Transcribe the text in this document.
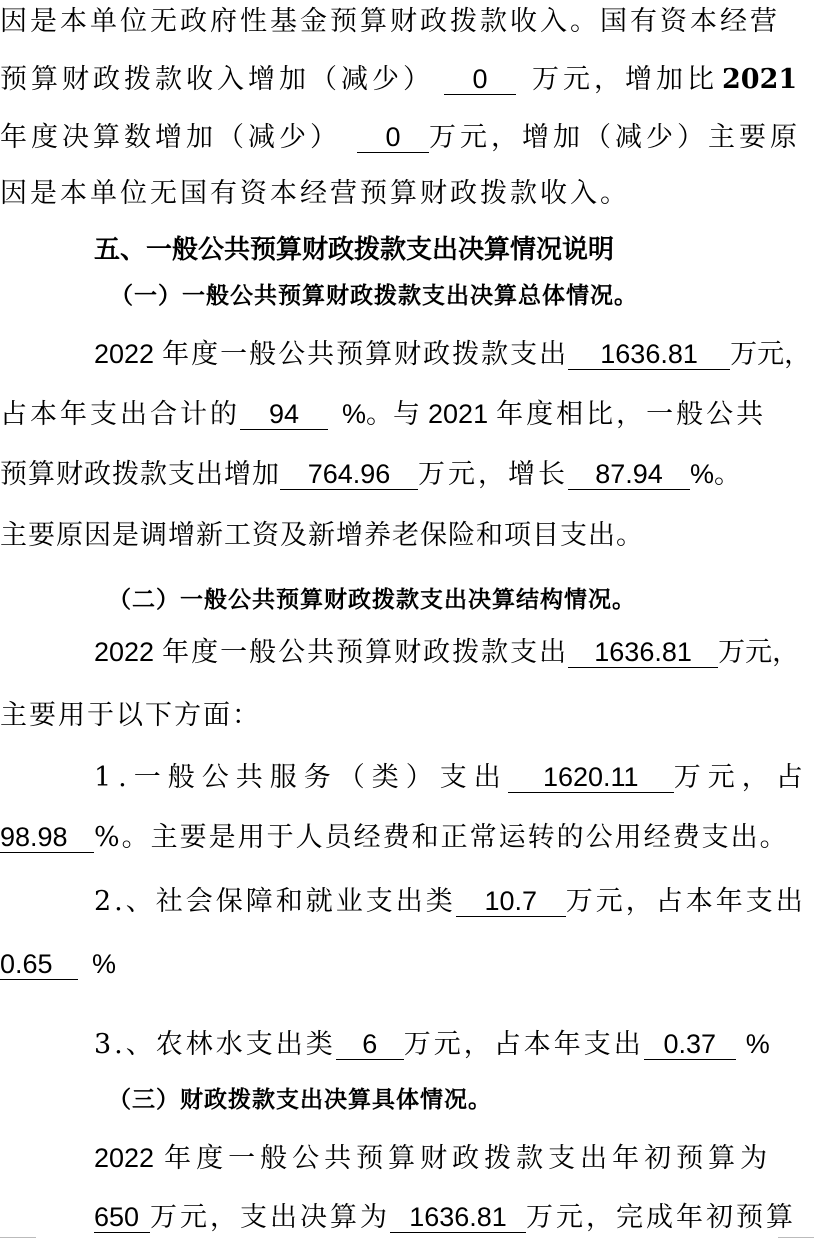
因是本单位无政府性基金预算财政拨款收入。国有资本经营
预算财政拨款收入增加（减少） 0 万元，增加比 2021
年度决算数增加（减少） 0 万元，增加（减少）主要原
因是本单位无国有资本经营预算财政拨款收入。
五、一般公共预算财政拨款支出决算情况说明
（一）一般公共预算财政拨款支出决算总体情况。
2022 年度一般公共预算财政拨款支出 1636.81 万元，
占本年支出合计的 94 %。与 2021 年度相比，一般公共
预算财政拨款支出增加 764.96 万元，增长 87.94 %。
主要原因是调增新工资及新增养老保险和项目支出。
（二）一般公共预算财政拨款支出决算结构情况。
2022 年度一般公共预算财政拨款支出 1636.81 万元，
主要用于以下方面：
1.一般公共服务（类）支出 1620.11 万元，占
98.98 %。主要是用于人员经费和正常运转的公用经费支出。
2.、社会保障和就业支出类 10.7 万元，占本年支出
0.65 %
3.、农林水支出类 6 万元，占本年支出 0.37 %
（三）财政拨款支出决算具体情况。
2022 年度一般公共预算财政拨款支出年初预算为
650 万元，支出决算为 1636.81 万元，完成年初预算
